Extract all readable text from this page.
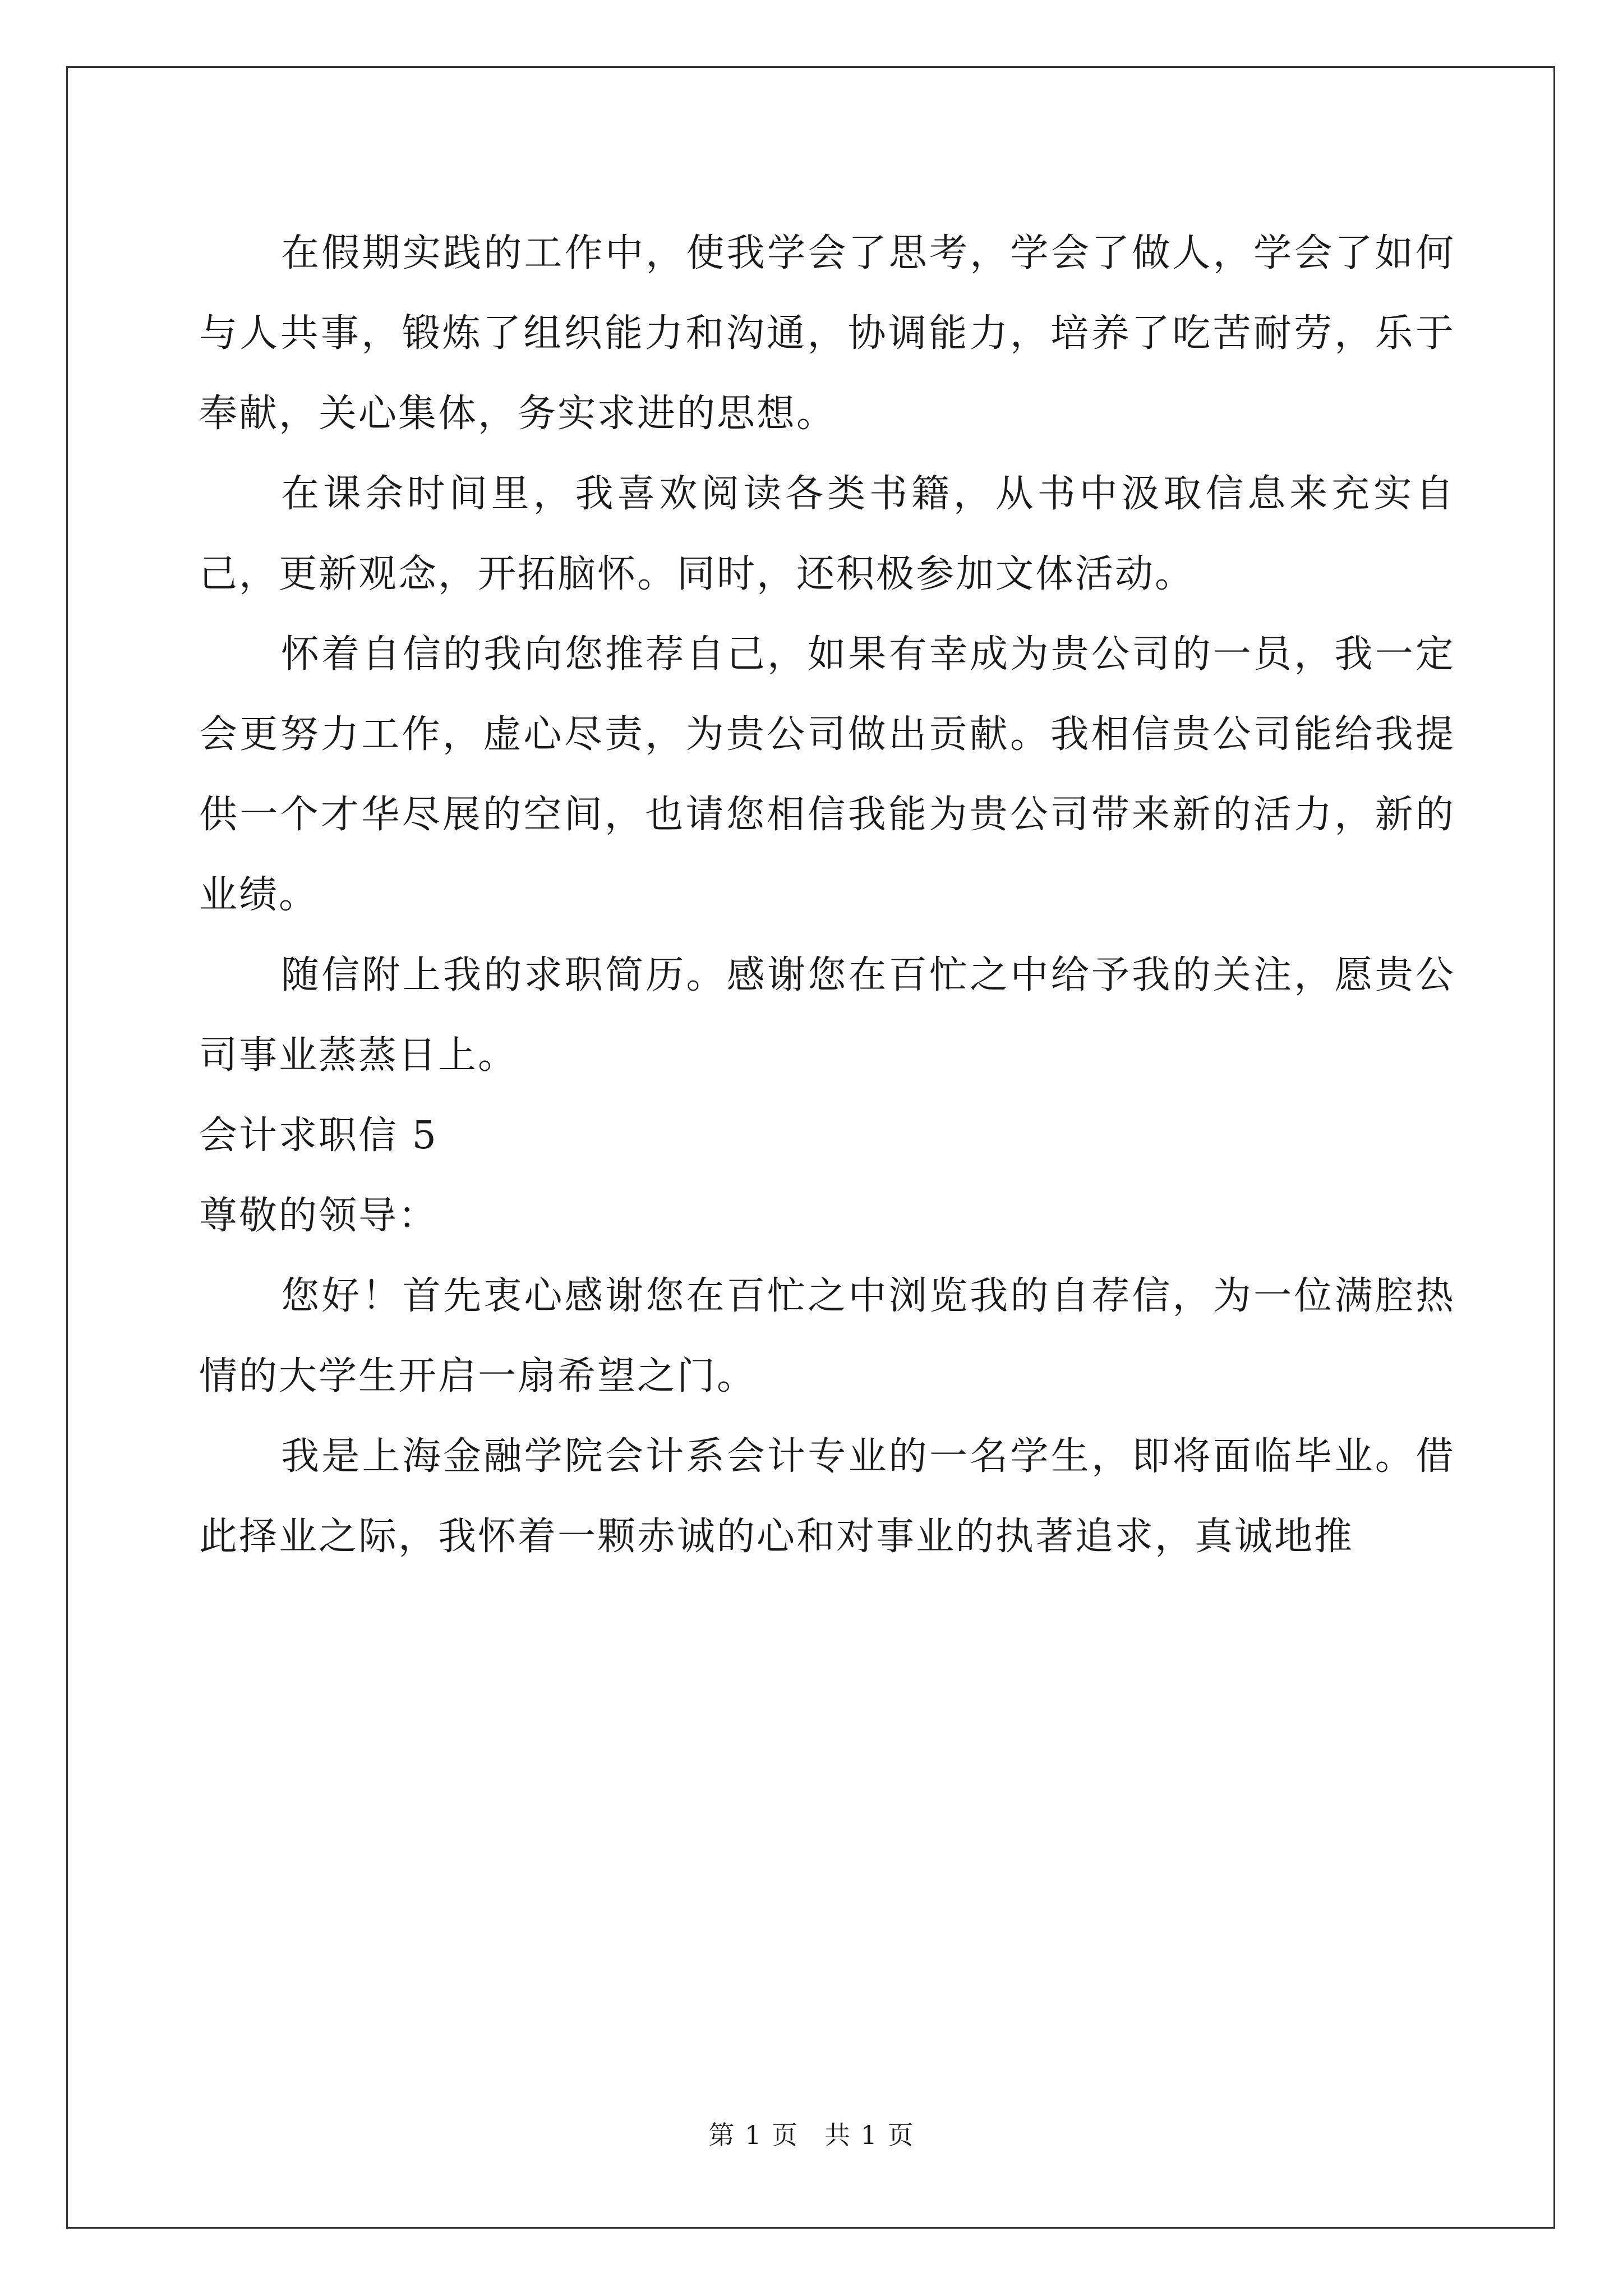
在假期实践的工作中，使我学会了思考，学会了做人，学会了如何与人共事，锻炼了组织能力和沟通，协调能力，培养了吃苦耐劳，乐于奉献，关心集体，务实求进的思想。

在课余时间里，我喜欢阅读各类书籍，从书中汲取信息来充实自己，更新观念，开拓脑怀。同时，还积极参加文体活动。

怀着自信的我向您推荐自己，如果有幸成为贵公司的一员，我一定会更努力工作，虚心尽责，为贵公司做出贡献。我相信贵公司能给我提供一个才华尽展的空间，也请您相信我能为贵公司带来新的活力，新的业绩。

随信附上我的求职简历。感谢您在百忙之中给予我的关注，愿贵公司事业蒸蒸日上。

会计求职信 5

尊敬的领导：

您好！首先衷心感谢您在百忙之中浏览我的自荐信，为一位满腔热情的大学生开启一扇希望之门。

我是上海金融学院会计系会计专业的一名学生，即将面临毕业。借此择业之际，我怀着一颗赤诚的心和对事业的执著追求，真诚地推

第 1 页 共 1 页
